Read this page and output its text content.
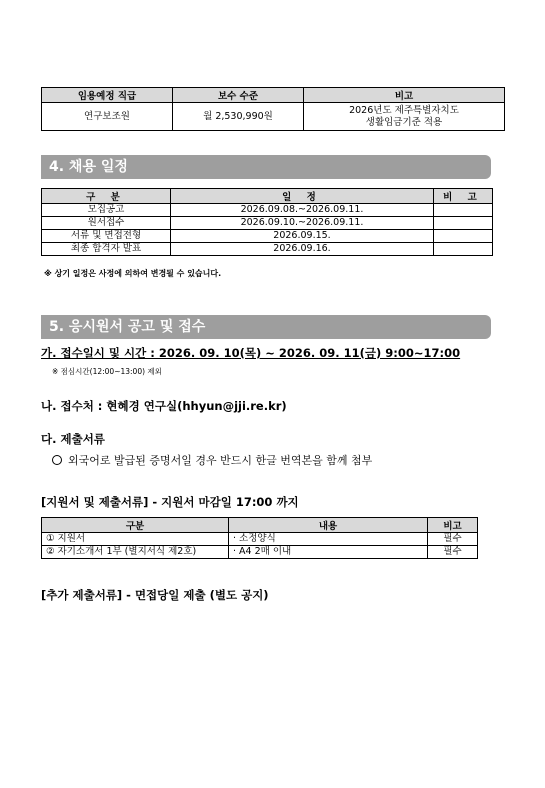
임용예정 직급	보수 수준	비고
연구보조원	월 2,530,990원	2026년도 제주특별자치도
생활임금기준 적용
4. 채용 일정
구 분	일 정	비 고
모집공고	2026.09.08.~2026.09.11.	
원서접수	2026.09.10.~2026.09.11.	
서류 및 면접전형	2026.09.15.	
최종 합격자 발표	2026.09.16.	
※ 상기 일정은 사정에 의하여 변경될 수 있습니다.
5. 응시원서 공고 및 접수
가. 접수일시 및 시간 : 2026. 09. 10(목) ~ 2026. 09. 11(금) 9:00~17:00
※ 점심시간(12:00~13:00) 제외
나. 접수처 : 현혜경 연구실(hhyun@jji.re.kr)
다. 제출서류
외국어로 발급된 증명서일 경우 반드시 한글 번역본을 함께 첨부
[지원서 및 제출서류] - 지원서 마감일 17:00 까지
구분	내용	비고
① 지원서	· 소정양식	필수
② 자기소개서 1부 (별지서식 제2호)	· A4 2매 이내	필수
[추가 제출서류] - 면접당일 제출 (별도 공지)
